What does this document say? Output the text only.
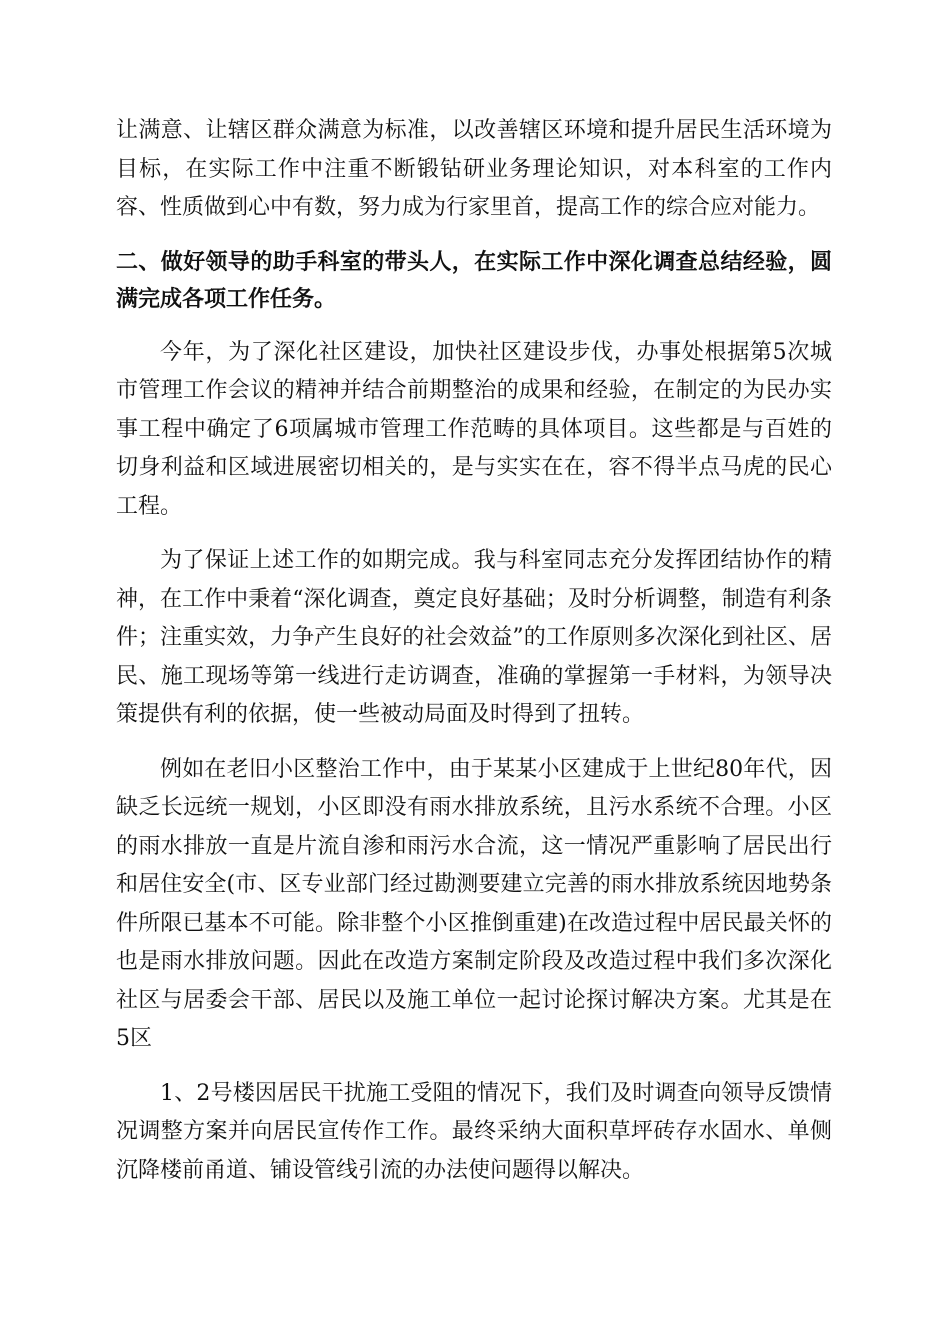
让满意、让辖区群众满意为标准，以改善辖区环境和提升居民生活环境为目标，在实际工作中注重不断锻钻研业务理论知识，对本科室的工作内容、性质做到心中有数，努力成为行家里首，提高工作的综合应对能力。

二、做好领导的助手科室的带头人，在实际工作中深化调查总结经验，圆满完成各项工作任务。

今年，为了深化社区建设，加快社区建设步伐，办事处根据第5次城市管理工作会议的精神并结合前期整治的成果和经验，在制定的为民办实事工程中确定了6项属城市管理工作范畴的具体项目。这些都是与百姓的切身利益和区域进展密切相关的，是与实实在在，容不得半点马虎的民心工程。

为了保证上述工作的如期完成。我与科室同志充分发挥团结协作的精神，在工作中秉着“深化调查，奠定良好基础；及时分析调整，制造有利条件；注重实效，力争产生良好的社会效益”的工作原则多次深化到社区、居民、施工现场等第一线进行走访调查，准确的掌握第一手材料，为领导决策提供有利的依据，使一些被动局面及时得到了扭转。

例如在老旧小区整治工作中，由于某某小区建成于上世纪80年代，因缺乏长远统一规划，小区即没有雨水排放系统，且污水系统不合理。小区的雨水排放一直是片流自渗和雨污水合流，这一情况严重影响了居民出行和居住安全(市、区专业部门经过勘测要建立完善的雨水排放系统因地势条件所限已基本不可能。除非整个小区推倒重建)在改造过程中居民最关怀的也是雨水排放问题。因此在改造方案制定阶段及改造过程中我们多次深化社区与居委会干部、居民以及施工单位一起讨论探讨解决方案。尤其是在5区

1、2号楼因居民干扰施工受阻的情况下，我们及时调查向领导反馈情况调整方案并向居民宣传作工作。最终采纳大面积草坪砖存水固水、单侧沉降楼前甬道、铺设管线引流的办法使问题得以解决。
